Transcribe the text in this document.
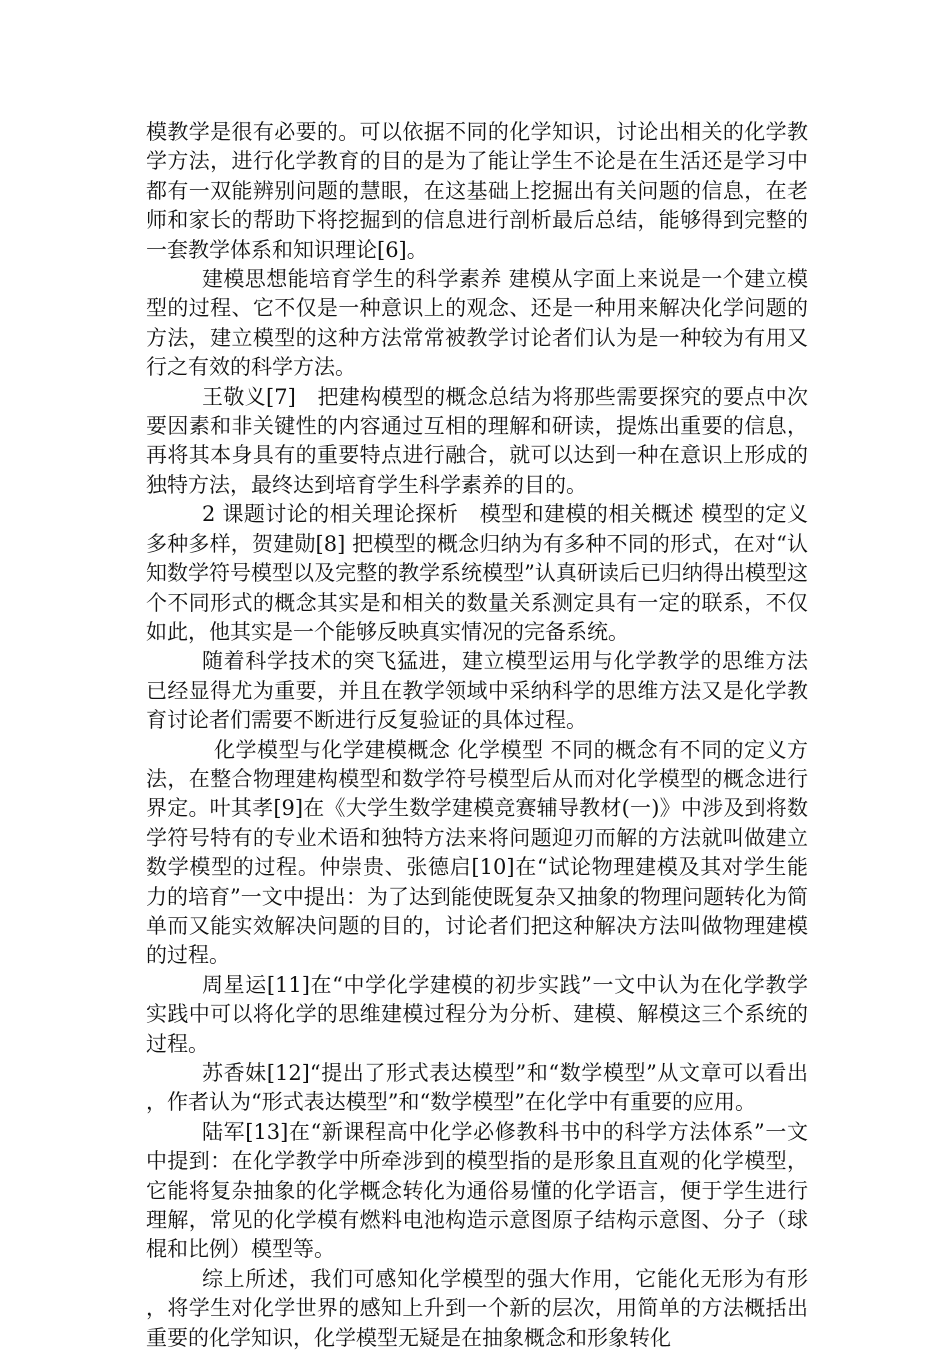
模教学是很有必要的。可以依据不同的化学知识，讨论出相关的化学教学方法，进行化学教育的目的是为了能让学生不论是在生活还是学习中都有一双能辨别问题的慧眼，在这基础上挖掘出有关问题的信息，在老师和家长的帮助下将挖掘到的信息进行剖析最后总结，能够得到完整的一套教学体系和知识理论[6]。

建模思想能培育学生的科学素养 建模从字面上来说是一个建立模型的过程、它不仅是一种意识上的观念、还是一种用来解决化学问题的方法，建立模型的这种方法常常被教学讨论者们认为是一种较为有用又行之有效的科学方法。

王敬义[7]　把建构模型的概念总结为将那些需要探究的要点中次要因素和非关键性的内容通过互相的理解和研读，提炼出重要的信息，再将其本身具有的重要特点进行融合，就可以达到一种在意识上形成的独特方法，最终达到培育学生科学素养的目的。

2 课题讨论的相关理论探析　模型和建模的相关概述 模型的定义多种多样，贺建勋[8] 把模型的概念归纳为有多种不同的形式，在对“认知数学符号模型以及完整的教学系统模型”认真研读后已归纳得出模型这个不同形式的概念其实是和相关的数量关系测定具有一定的联系，不仅如此，他其实是一个能够反映真实情况的完备系统。

随着科学技术的突飞猛进，建立模型运用与化学教学的思维方法已经显得尤为重要，并且在教学领域中采纳科学的思维方法又是化学教育讨论者们需要不断进行反复验证的具体过程。

化学模型与化学建模概念 化学模型 不同的概念有不同的定义方法，在整合物理建构模型和数学符号模型后从而对化学模型的概念进行界定。叶其孝[9]在《大学生数学建模竞赛辅导教材(一)》中涉及到将数学符号特有的专业术语和独特方法来将问题迎刃而解的方法就叫做建立数学模型的过程。仲崇贵、张德启[10]在“试论物理建模及其对学生能力的培育”一文中提出：为了达到能使既复杂又抽象的物理问题转化为简单而又能实效解决问题的目的，讨论者们把这种解决方法叫做物理建模的过程。

周星运[11]在“中学化学建模的初步实践”一文中认为在化学教学实践中可以将化学的思维建模过程分为分析、建模、解模这三个系统的过程。

苏香妹[12]“提出了形式表达模型”和“数学模型”从文章可以看出，作者认为“形式表达模型”和“数学模型”在化学中有重要的应用。

陆军[13]在“新课程高中化学必修教科书中的科学方法体系”一文中提到：在化学教学中所牵涉到的模型指的是形象且直观的化学模型，它能将复杂抽象的化学概念转化为通俗易懂的化学语言，便于学生进行理解，常见的化学模有燃料电池构造示意图原子结构示意图、分子（球棍和比例）模型等。

综上所述，我们可感知化学模型的强大作用，它能化无形为有形，将学生对化学世界的感知上升到一个新的层次，用简单的方法概括出重要的化学知识，化学模型无疑是在抽象概念和形象转化
